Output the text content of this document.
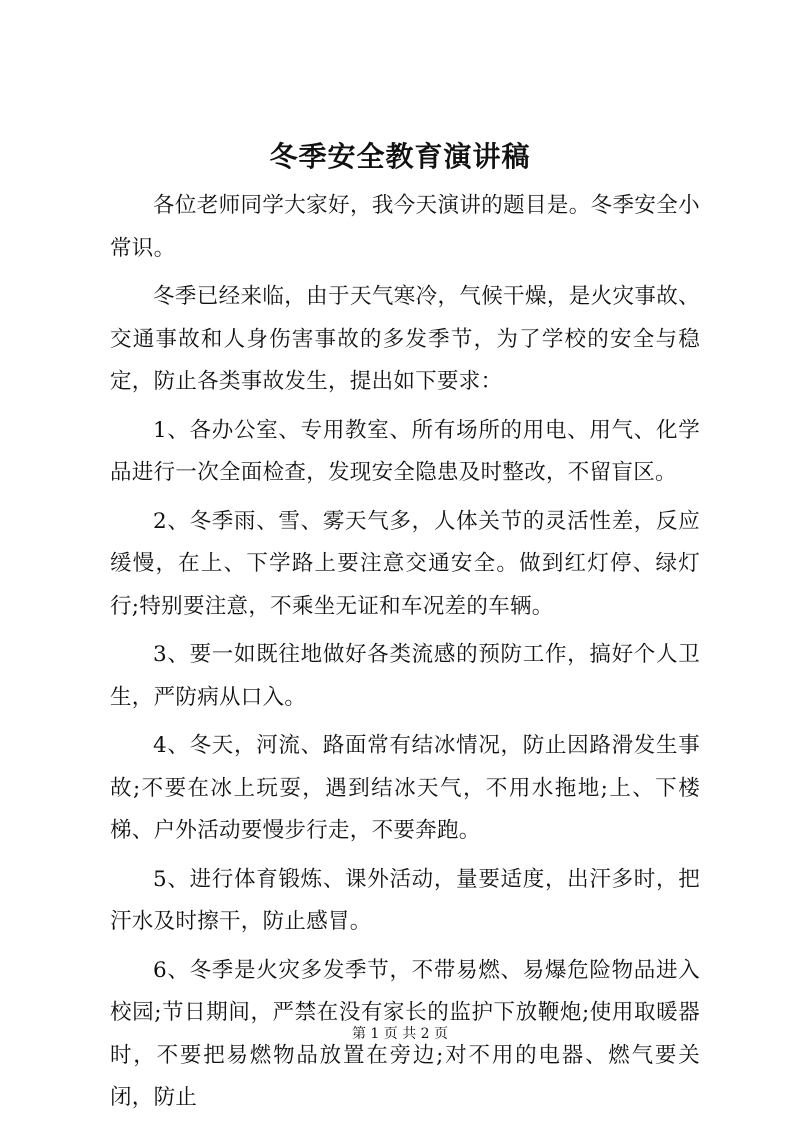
冬季安全教育演讲稿

各位老师同学大家好，我今天演讲的题目是。冬季安全小常识。

冬季已经来临，由于天气寒冷，气候干燥，是火灾事故、交通事故和人身伤害事故的多发季节，为了学校的安全与稳定，防止各类事故发生，提出如下要求：

1、各办公室、专用教室、所有场所的用电、用气、化学品进行一次全面检查，发现安全隐患及时整改，不留盲区。

2、冬季雨、雪、雾天气多，人体关节的灵活性差，反应缓慢，在上、下学路上要注意交通安全。做到红灯停、绿灯行;特别要注意，不乘坐无证和车况差的车辆。

3、要一如既往地做好各类流感的预防工作，搞好个人卫生，严防病从口入。

4、冬天，河流、路面常有结冰情况，防止因路滑发生事故;不要在冰上玩耍，遇到结冰天气，不用水拖地;上、下楼梯、户外活动要慢步行走，不要奔跑。

5、进行体育锻炼、课外活动，量要适度，出汗多时，把汗水及时擦干，防止感冒。

6、冬季是火灾多发季节，不带易燃、易爆危险物品进入校园;节日期间，严禁在没有家长的监护下放鞭炮;使用取暖器时，不要把易燃物品放置在旁边;对不用的电器、燃气要关闭，防止

第 1 页 共 2 页
